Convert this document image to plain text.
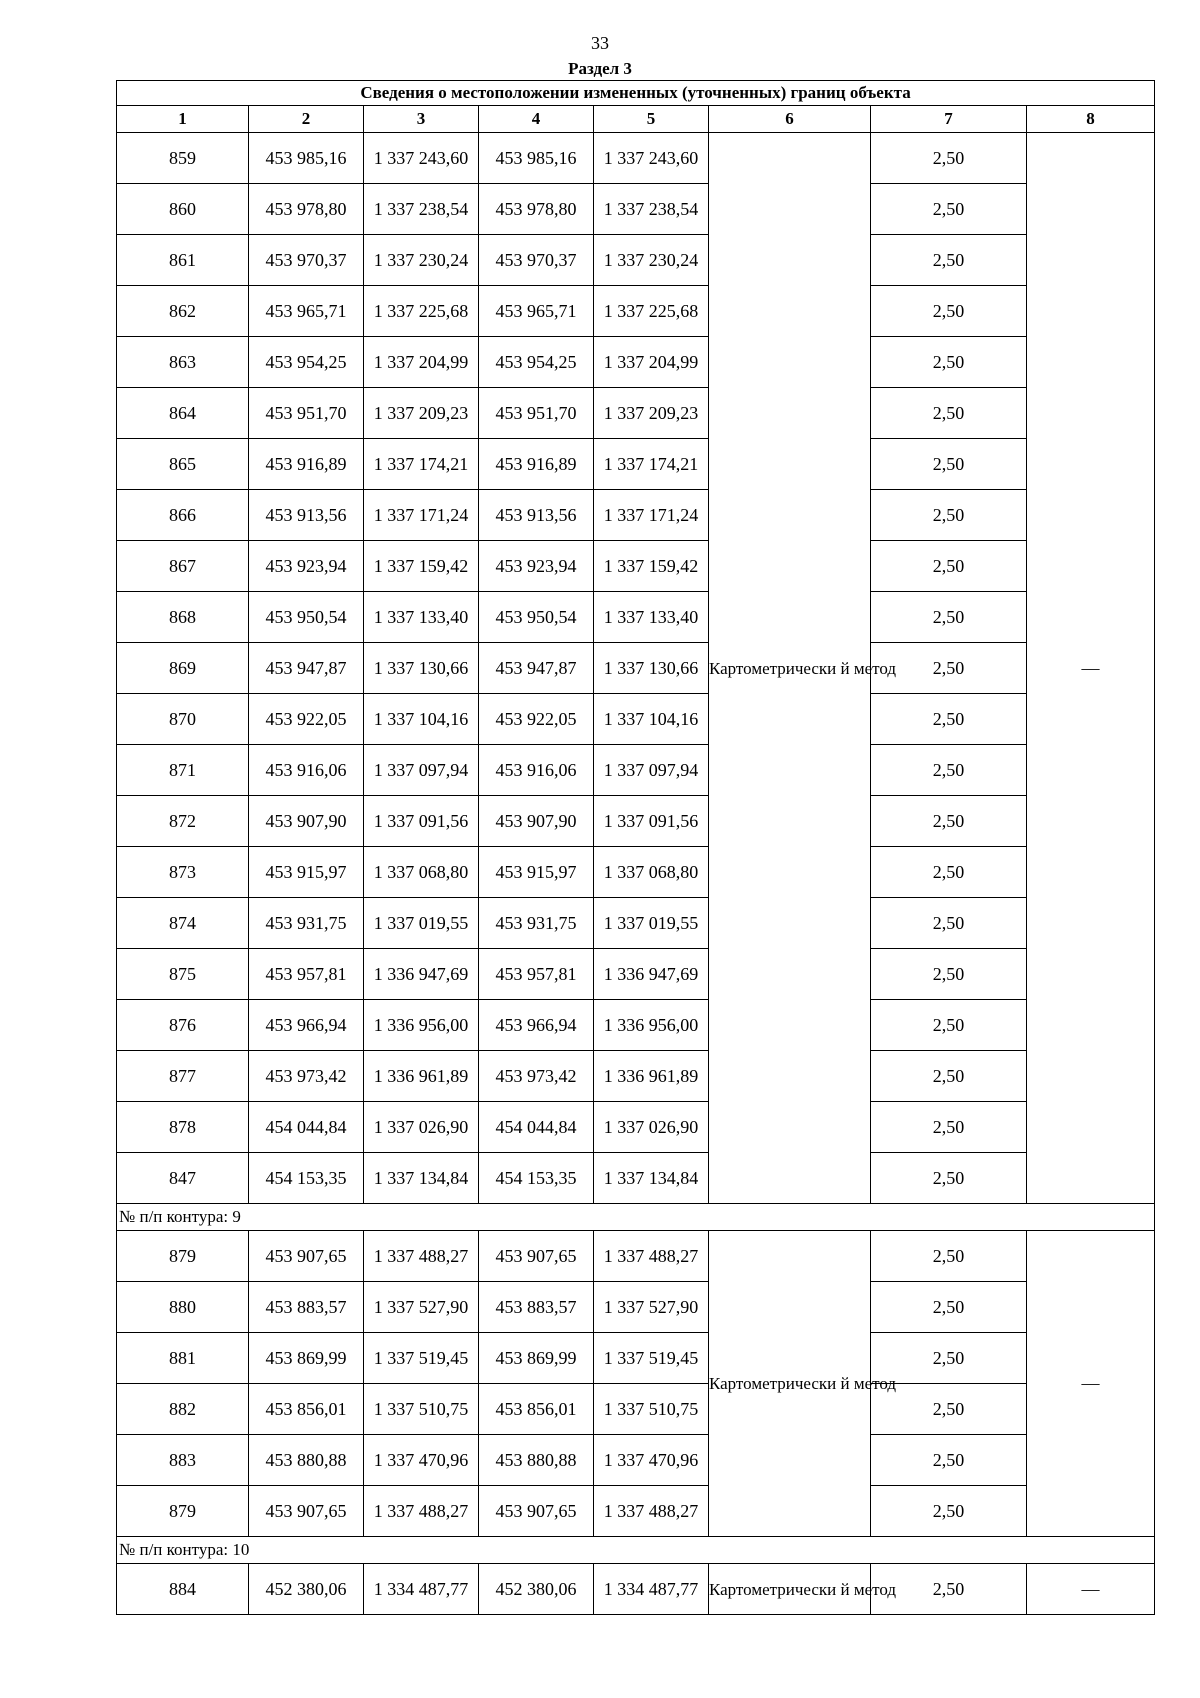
33
Раздел 3
Сведения о местоположении измененных (уточненных) границ объекта							
1	2	3	4	5	6	7	8
859	453 985,16	1 337 243,60	453 985,16	1 337 243,60	Картометрически й метод	2,50	—
860	453 978,80	1 337 238,54	453 978,80	1 337 238,54		2,50	
861	453 970,37	1 337 230,24	453 970,37	1 337 230,24		2,50	
862	453 965,71	1 337 225,68	453 965,71	1 337 225,68		2,50	
863	453 954,25	1 337 204,99	453 954,25	1 337 204,99		2,50	
864	453 951,70	1 337 209,23	453 951,70	1 337 209,23		2,50	
865	453 916,89	1 337 174,21	453 916,89	1 337 174,21		2,50	
866	453 913,56	1 337 171,24	453 913,56	1 337 171,24		2,50	
867	453 923,94	1 337 159,42	453 923,94	1 337 159,42		2,50	
868	453 950,54	1 337 133,40	453 950,54	1 337 133,40		2,50	
869	453 947,87	1 337 130,66	453 947,87	1 337 130,66		2,50	
870	453 922,05	1 337 104,16	453 922,05	1 337 104,16		2,50	
871	453 916,06	1 337 097,94	453 916,06	1 337 097,94		2,50	
872	453 907,90	1 337 091,56	453 907,90	1 337 091,56		2,50	
873	453 915,97	1 337 068,80	453 915,97	1 337 068,80		2,50	
874	453 931,75	1 337 019,55	453 931,75	1 337 019,55		2,50	
875	453 957,81	1 336 947,69	453 957,81	1 336 947,69		2,50	
876	453 966,94	1 336 956,00	453 966,94	1 336 956,00		2,50	
877	453 973,42	1 336 961,89	453 973,42	1 336 961,89		2,50	
878	454 044,84	1 337 026,90	454 044,84	1 337 026,90		2,50	
847	454 153,35	1 337 134,84	454 153,35	1 337 134,84		2,50	
№ п/п контура: 9							
879	453 907,65	1 337 488,27	453 907,65	1 337 488,27	Картометрически й метод	2,50	—
880	453 883,57	1 337 527,90	453 883,57	1 337 527,90		2,50	
881	453 869,99	1 337 519,45	453 869,99	1 337 519,45		2,50	
882	453 856,01	1 337 510,75	453 856,01	1 337 510,75		2,50	
883	453 880,88	1 337 470,96	453 880,88	1 337 470,96		2,50	
879	453 907,65	1 337 488,27	453 907,65	1 337 488,27		2,50	
№ п/п контура: 10							
884	452 380,06	1 334 487,77	452 380,06	1 334 487,77	Картометрически й метод	2,50	—
